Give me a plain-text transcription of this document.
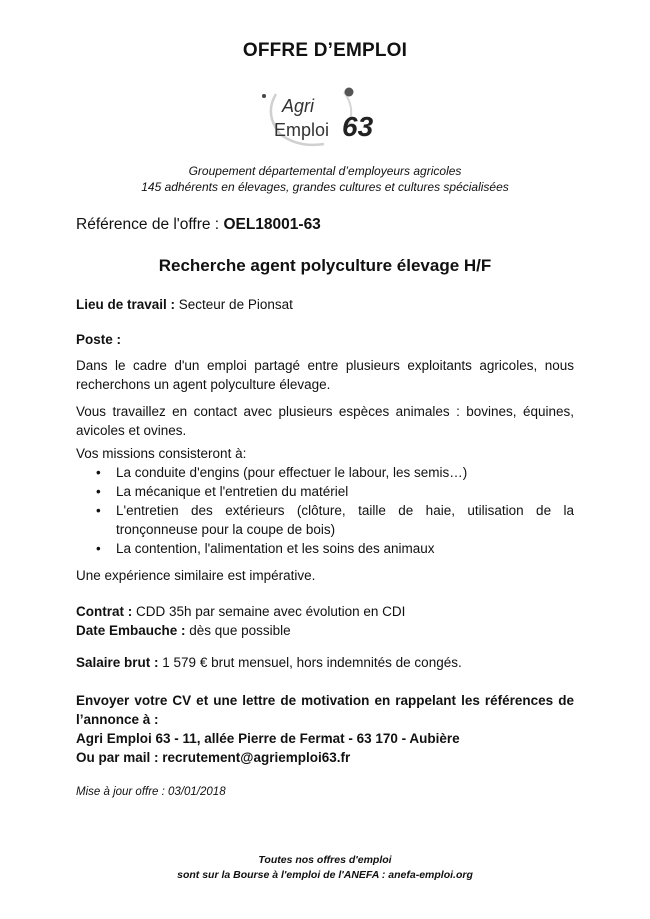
OFFRE D’EMPLOI
Agri
Emploi 63
Groupement départemental d’employeurs agricoles
145 adhérents en élevages, grandes cultures et cultures spécialisées
Référence de l'offre : OEL18001-63
Recherche agent polyculture élevage H/F
Lieu de travail : Secteur de Pionsat
Poste :
Dans le cadre d'un emploi partagé entre plusieurs exploitants agricoles, nous recherchons un agent polyculture élevage.
Vous travaillez en contact avec plusieurs espèces animales : bovines, équines, avicoles et ovines.
Vos missions consisteront à:
• La conduite d'engins (pour effectuer le labour, les semis…)
• La mécanique et l'entretien du matériel
• L'entretien des extérieurs (clôture, taille de haie, utilisation de la tronçonneuse pour la coupe de bois)
• La contention, l'alimentation et les soins des animaux
Une expérience similaire est impérative.
Contrat : CDD 35h par semaine avec évolution en CDI
Date Embauche : dès que possible
Salaire brut : 1 579 € brut mensuel, hors indemnités de congés.
Envoyer votre CV et une lettre de motivation en rappelant les références de l’annonce à :
Agri Emploi 63 - 11, allée Pierre de Fermat - 63 170 - Aubière
Ou par mail : recrutement@agriemploi63.fr
Mise à jour offre : 03/01/2018
Toutes nos offres d'emploi
sont sur la Bourse à l'emploi de l'ANEFA : anefa-emploi.org
